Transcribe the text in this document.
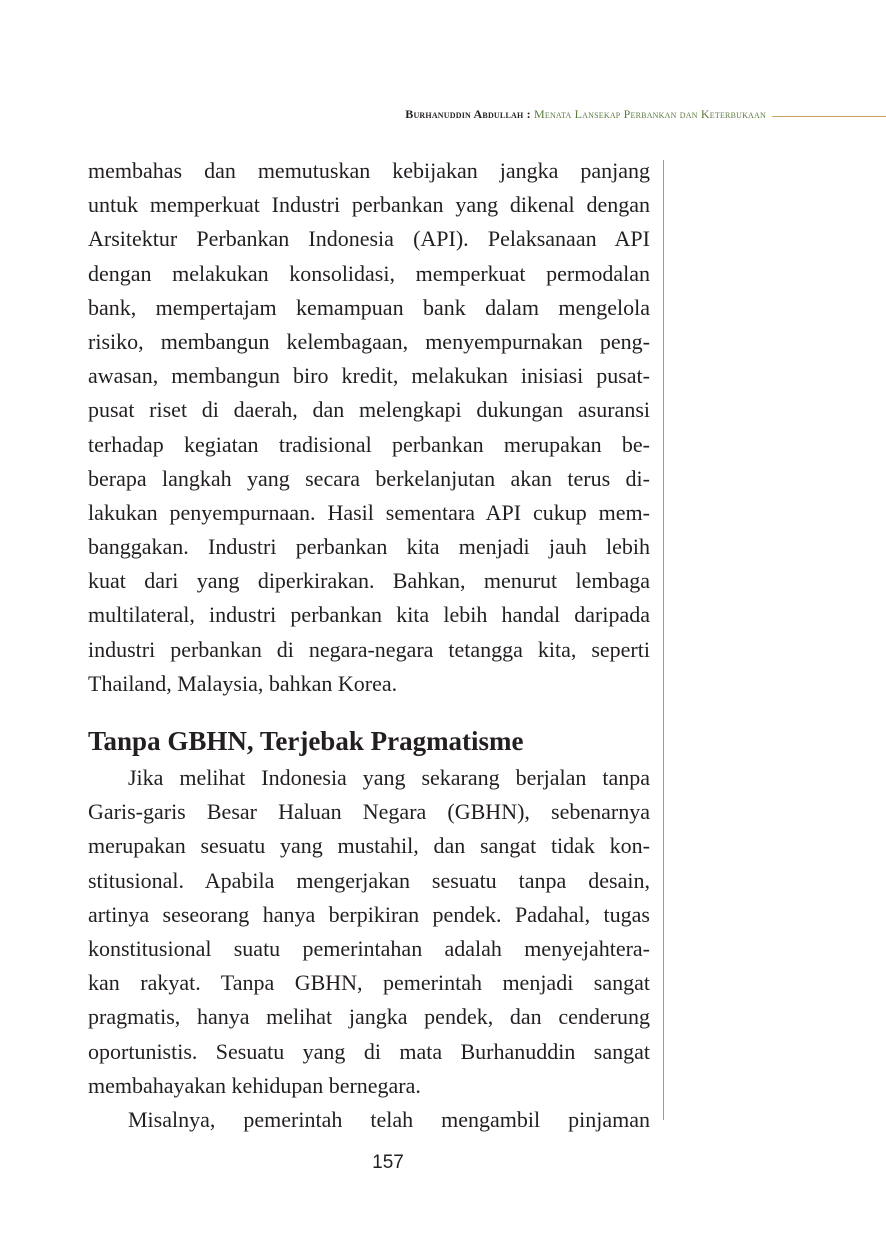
Burhanuddin Abdullah : Menata Lansekap Perbankan dan Keterbukaan
membahas dan memutuskan kebijakan jangka panjang
untuk memperkuat Industri perbankan yang dikenal dengan
Arsitektur Perbankan Indonesia (API). Pelaksanaan API
dengan melakukan konsolidasi, memperkuat permodalan
bank, mempertajam kemampuan bank dalam mengelola
risiko, membangun kelembagaan, menyempurnakan peng-
awasan, membangun biro kredit, melakukan inisiasi pusat-
pusat riset di daerah, dan melengkapi dukungan asuransi
terhadap kegiatan tradisional perbankan merupakan be-
berapa langkah yang secara berkelanjutan akan terus di-
lakukan penyempurnaan. Hasil sementara API cukup mem-
banggakan. Industri perbankan kita menjadi jauh lebih
kuat dari yang diperkirakan. Bahkan, menurut lembaga
multilateral, industri perbankan kita lebih handal daripada
industri perbankan di negara-negara tetangga kita, seperti
Thailand, Malaysia, bahkan Korea.
Tanpa GBHN, Terjebak Pragmatisme
Jika melihat Indonesia yang sekarang berjalan tanpa
Garis-garis Besar Haluan Negara (GBHN), sebenarnya
merupakan sesuatu yang mustahil, dan sangat tidak kon-
stitusional. Apabila mengerjakan sesuatu tanpa desain,
artinya seseorang hanya berpikiran pendek. Padahal, tugas
konstitusional suatu pemerintahan adalah menyejahtera-
kan rakyat. Tanpa GBHN, pemerintah menjadi sangat
pragmatis, hanya melihat jangka pendek, dan cenderung
oportunistis. Sesuatu yang di mata Burhanuddin sangat
membahayakan kehidupan bernegara.
Misalnya, pemerintah telah mengambil pinjaman
157
